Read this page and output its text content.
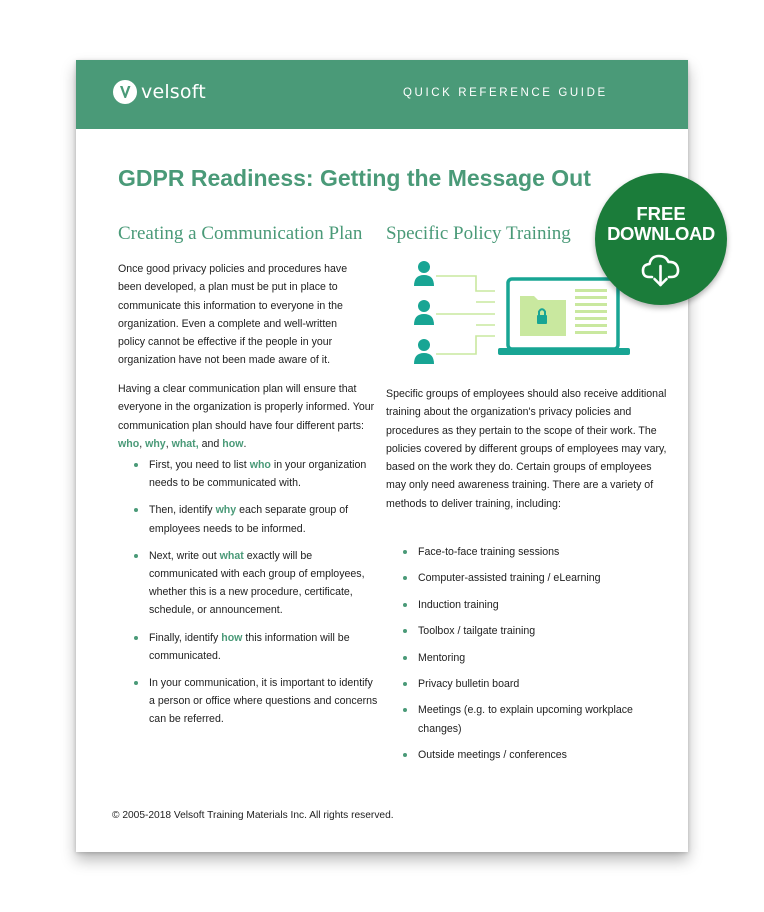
velsoft	QUICK REFERENCE GUIDE
GDPR Readiness: Getting the Message Out
Creating a Communication Plan

Once good privacy policies and procedures have been developed, a plan must be put in place to communicate this information to everyone in the organization. Even a complete and well-written policy cannot be effective if the people in your organization have not been made aware of it.

Having a clear communication plan will ensure that everyone in the organization is properly informed. Your communication plan should have four different parts: who, why, what, and how.

First, you need to list who in your organization needs to be communicated with.
Then, identify why each separate group of employees needs to be informed.
Next, write out what exactly will be communicated with each group of employees, whether this is a new procedure, certificate, schedule, or announcement.
Finally, identify how this information will be communicated.
In your communication, it is important to identify a person or office where questions and concerns can be referred.
Specific Policy Training

Specific groups of employees should also receive additional training about the organization's privacy policies and procedures as they pertain to the scope of their work. The policies covered by different groups of employees may vary, based on the work they do. Certain groups of employees may only need awareness training. There are a variety of methods to deliver training, including:

Face-to-face training sessions
Computer-assisted training / eLearning
Induction training
Toolbox / tailgate training
Mentoring
Privacy bulletin board
Meetings (e.g. to explain upcoming workplace changes)
Outside meetings / conferences
© 2005-2018 Velsoft Training Materials Inc. All rights reserved.
FREE
DOWNLOAD
